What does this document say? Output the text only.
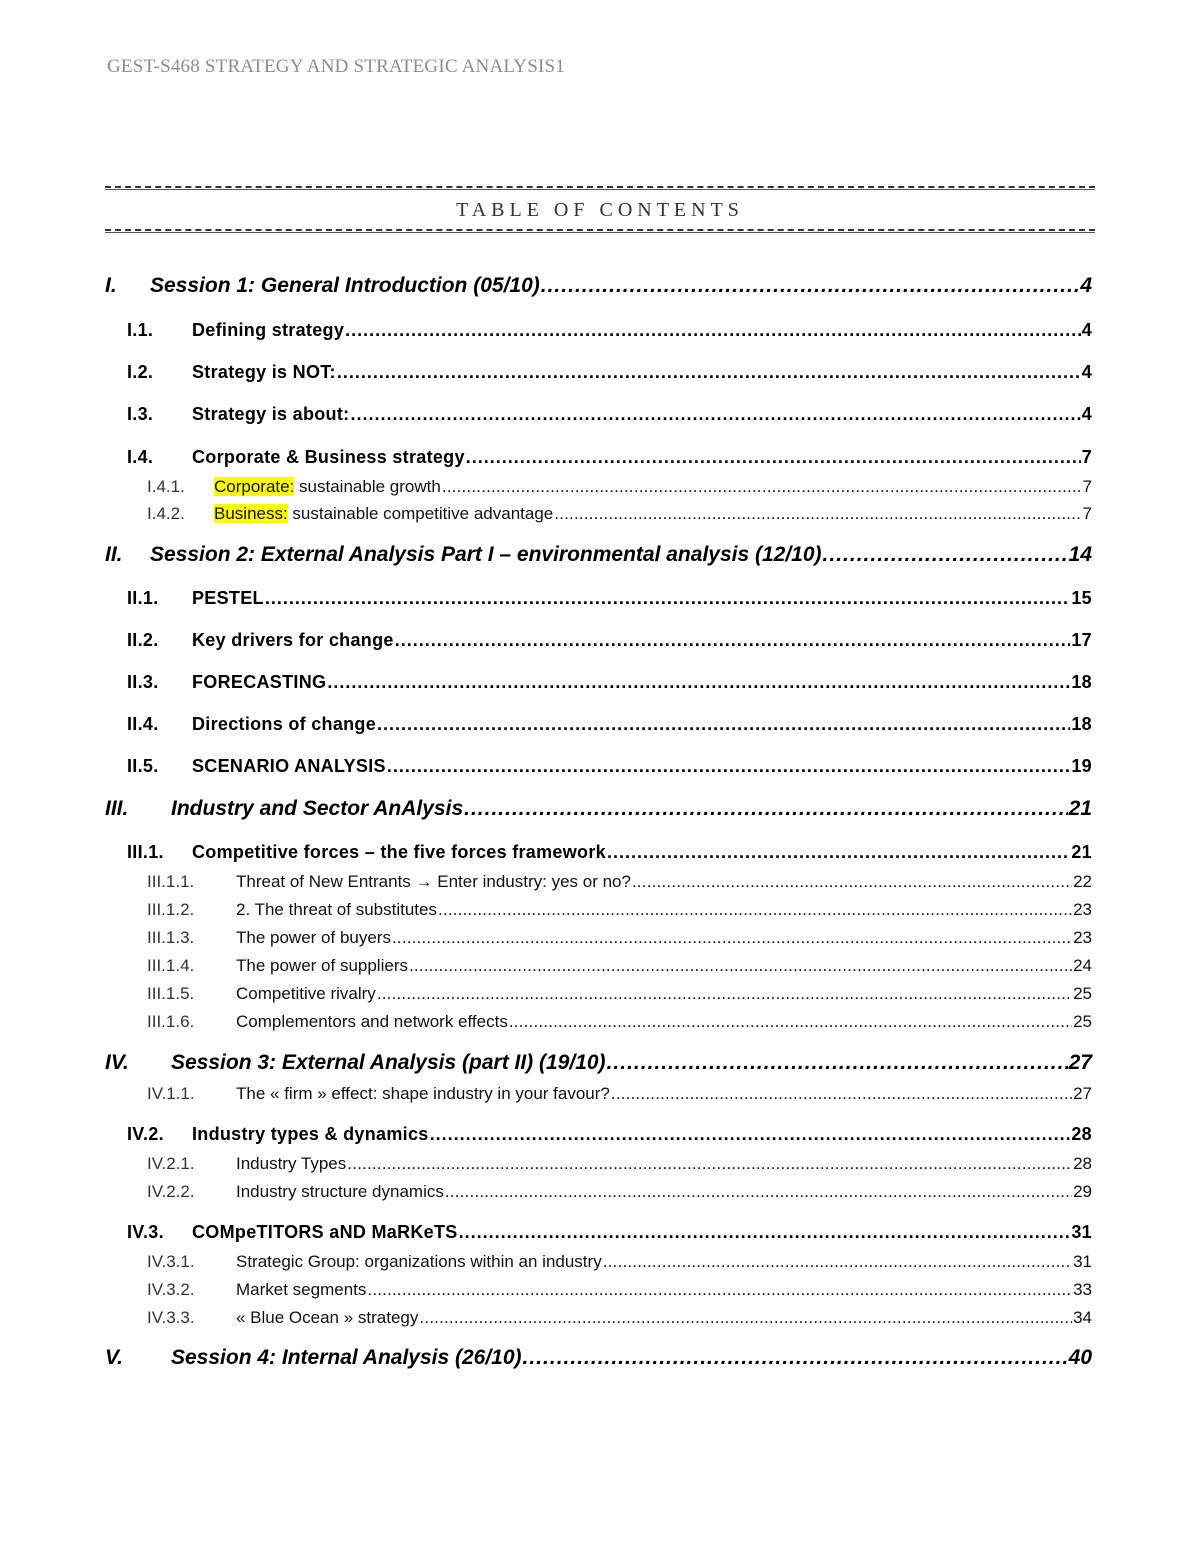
GEST-S468 STRATEGY AND STRATEGIC ANALYSIS1
TABLE OF CONTENTS
I.	Session 1: General Introduction (05/10) .....	4
I.1.	Defining strategy .....	4
I.2.	Strategy is NOT: .....	4
I.3.	Strategy is about: .....	4
I.4.	Corporate & Business strategy .....	7
I.4.1.	Corporate: sustainable growth .....	7
I.4.2.	Business: sustainable competitive advantage .....	7
II.	Session 2: External Analysis Part I – environmental analysis (12/10) .....	14
II.1.	PESTEL .....	15
II.2.	Key drivers for change .....	17
II.3.	FORECASTING .....	18
II.4.	Directions of change .....	18
II.5.	SCENARIO ANALYSIS .....	19
III.	Industry and Sector AnAlysis .....	21
III.1.	Competitive forces – the five forces framework .....	21
III.1.1.	Threat of New Entrants → Enter industry: yes or no? .....	22
III.1.2.	2. The threat of substitutes .....	23
III.1.3.	The power of buyers .....	23
III.1.4.	The power of suppliers .....	24
III.1.5.	Competitive rivalry .....	25
III.1.6.	Complementors and network effects .....	25
IV.	Session 3: External Analysis (part II) (19/10) .....	27
IV.1.1.	The « firm » effect: shape industry in your favour? .....	27
IV.2.	Industry types & dynamics .....	28
IV.2.1.	Industry Types .....	28
IV.2.2.	Industry structure dynamics .....	29
IV.3.	COMpeTITORS aND MaRKeTS .....	31
IV.3.1.	Strategic Group: organizations within an industry .....	31
IV.3.2.	Market segments .....	33
IV.3.3.	« Blue Ocean » strategy .....	34
V.	Session 4: Internal Analysis (26/10) .....	40
